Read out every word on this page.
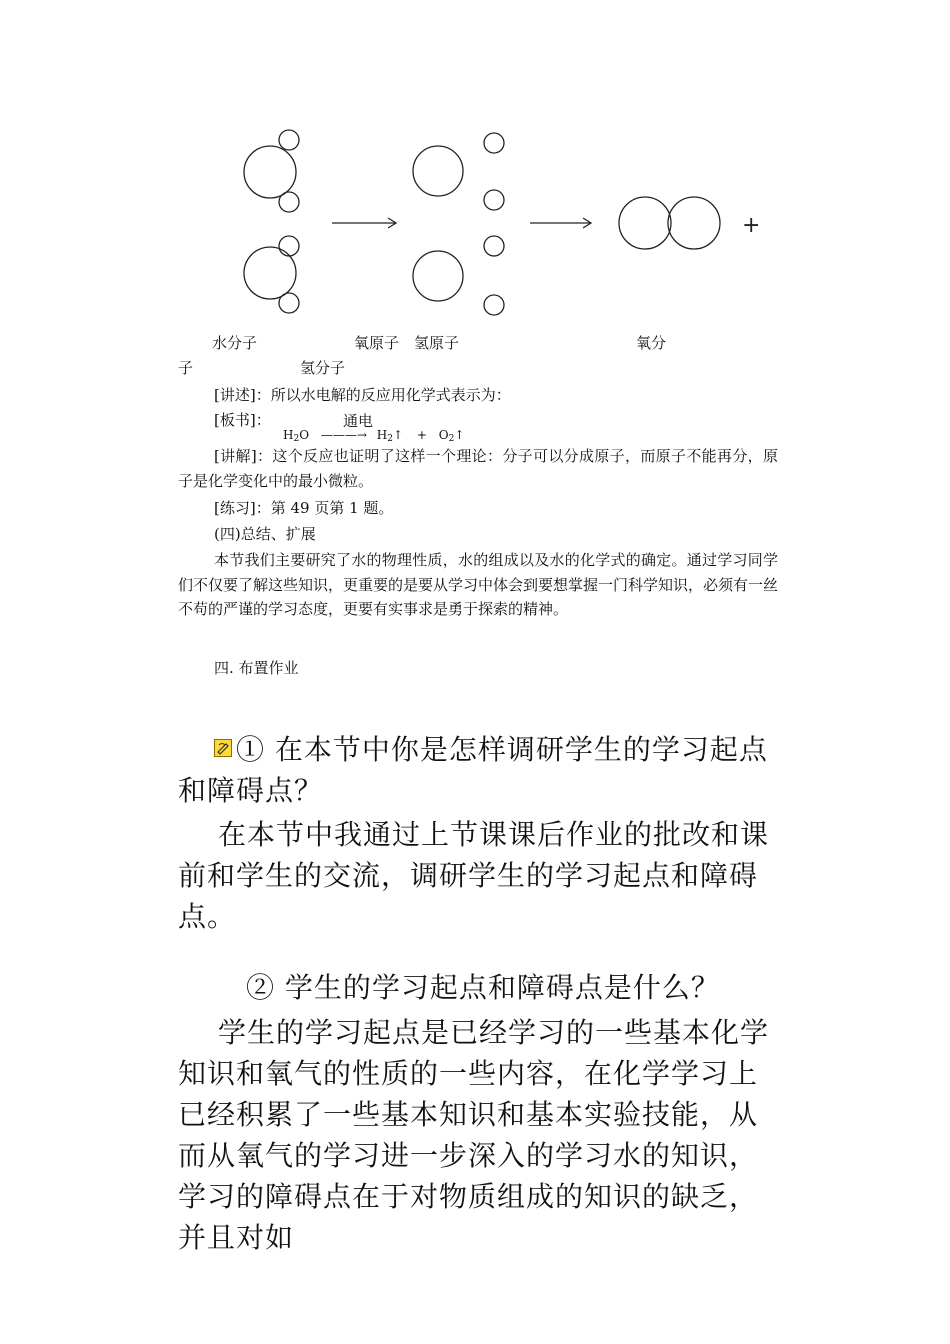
+
水分子	氧原子 氢原子	氧分
子	氢分子
[讲述]：所以水电解的反应用化学式表示为：
[板书]：	通电
$H_2O$ ———→ $H_2↑$ + $O_2↑$
[讲解]：这个反应也证明了这样一个理论：分子可以分成原子，而原子不能再分，原子是化学变化中的最小微粒。
[练习]：第 49 页第 1 题。
(四)总结、扩展
本节我们主要研究了水的物理性质，水的组成以及水的化学式的确定。通过学习同学们不仅要了解这些知识，更重要的是要从学习中体会到要想掌握一门科学知识，必须有一丝不苟的严谨的学习态度，更要有实事求是勇于探索的精神。
四. 布置作业
① 在本节中你是怎样调研学生的学习起点和障碍点？
在本节中我通过上节课课后作业的批改和课前和学生的交流，调研学生的学习起点和障碍点。
② 学生的学习起点和障碍点是什么？
学生的学习起点是已经学习的一些基本化学知识和氧气的性质的一些内容，在化学学习上已经积累了一些基本知识和基本实验技能，从而从氧气的学习进一步深入的学习水的知识，学习的障碍点在于对物质组成的知识的缺乏，并且对如
